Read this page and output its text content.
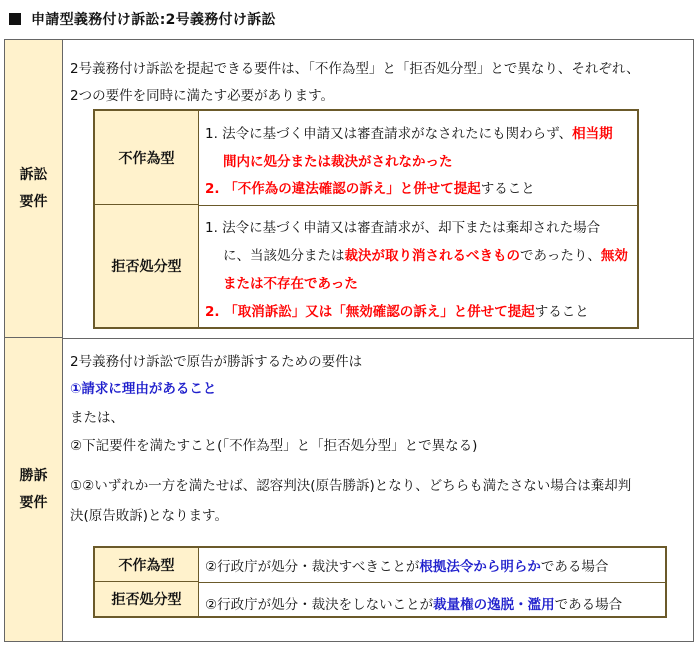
申請型義務付け訴訟:2号義務付け訴訟
訴訟
要件
勝訴
要件
2号義務付け訴訟を提起できる要件は、「不作為型」と「拒否処分型」とで異なり、それぞれ、
2つの要件を同時に満たす必要があります。
不作為型
拒否処分型
1. 法令に基づく申請又は審査請求がなされたにも関わらず、相当期
間内に処分または裁決がされなかった
2. 「不作為の違法確認の訴え」と併せて提起すること
1. 法令に基づく申請又は審査請求が、却下または棄却された場合
に、当該処分または裁決が取り消されるべきものであったり、無効
または不存在であった
2. 「取消訴訟」又は「無効確認の訴え」と併せて提起すること
2号義務付け訴訟で原告が勝訴するための要件は
①請求に理由があること
または、
②下記要件を満たすこと(「不作為型」と「拒否処分型」とで異なる)
①②いずれか一方を満たせば、認容判決(原告勝訴)となり、どちらも満たさない場合は棄却判
決(原告敗訴)となります。
不作為型
拒否処分型
②行政庁が処分・裁決すべきことが根拠法令から明らかである場合
②行政庁が処分・裁決をしないことが裁量権の逸脱・濫用である場合
